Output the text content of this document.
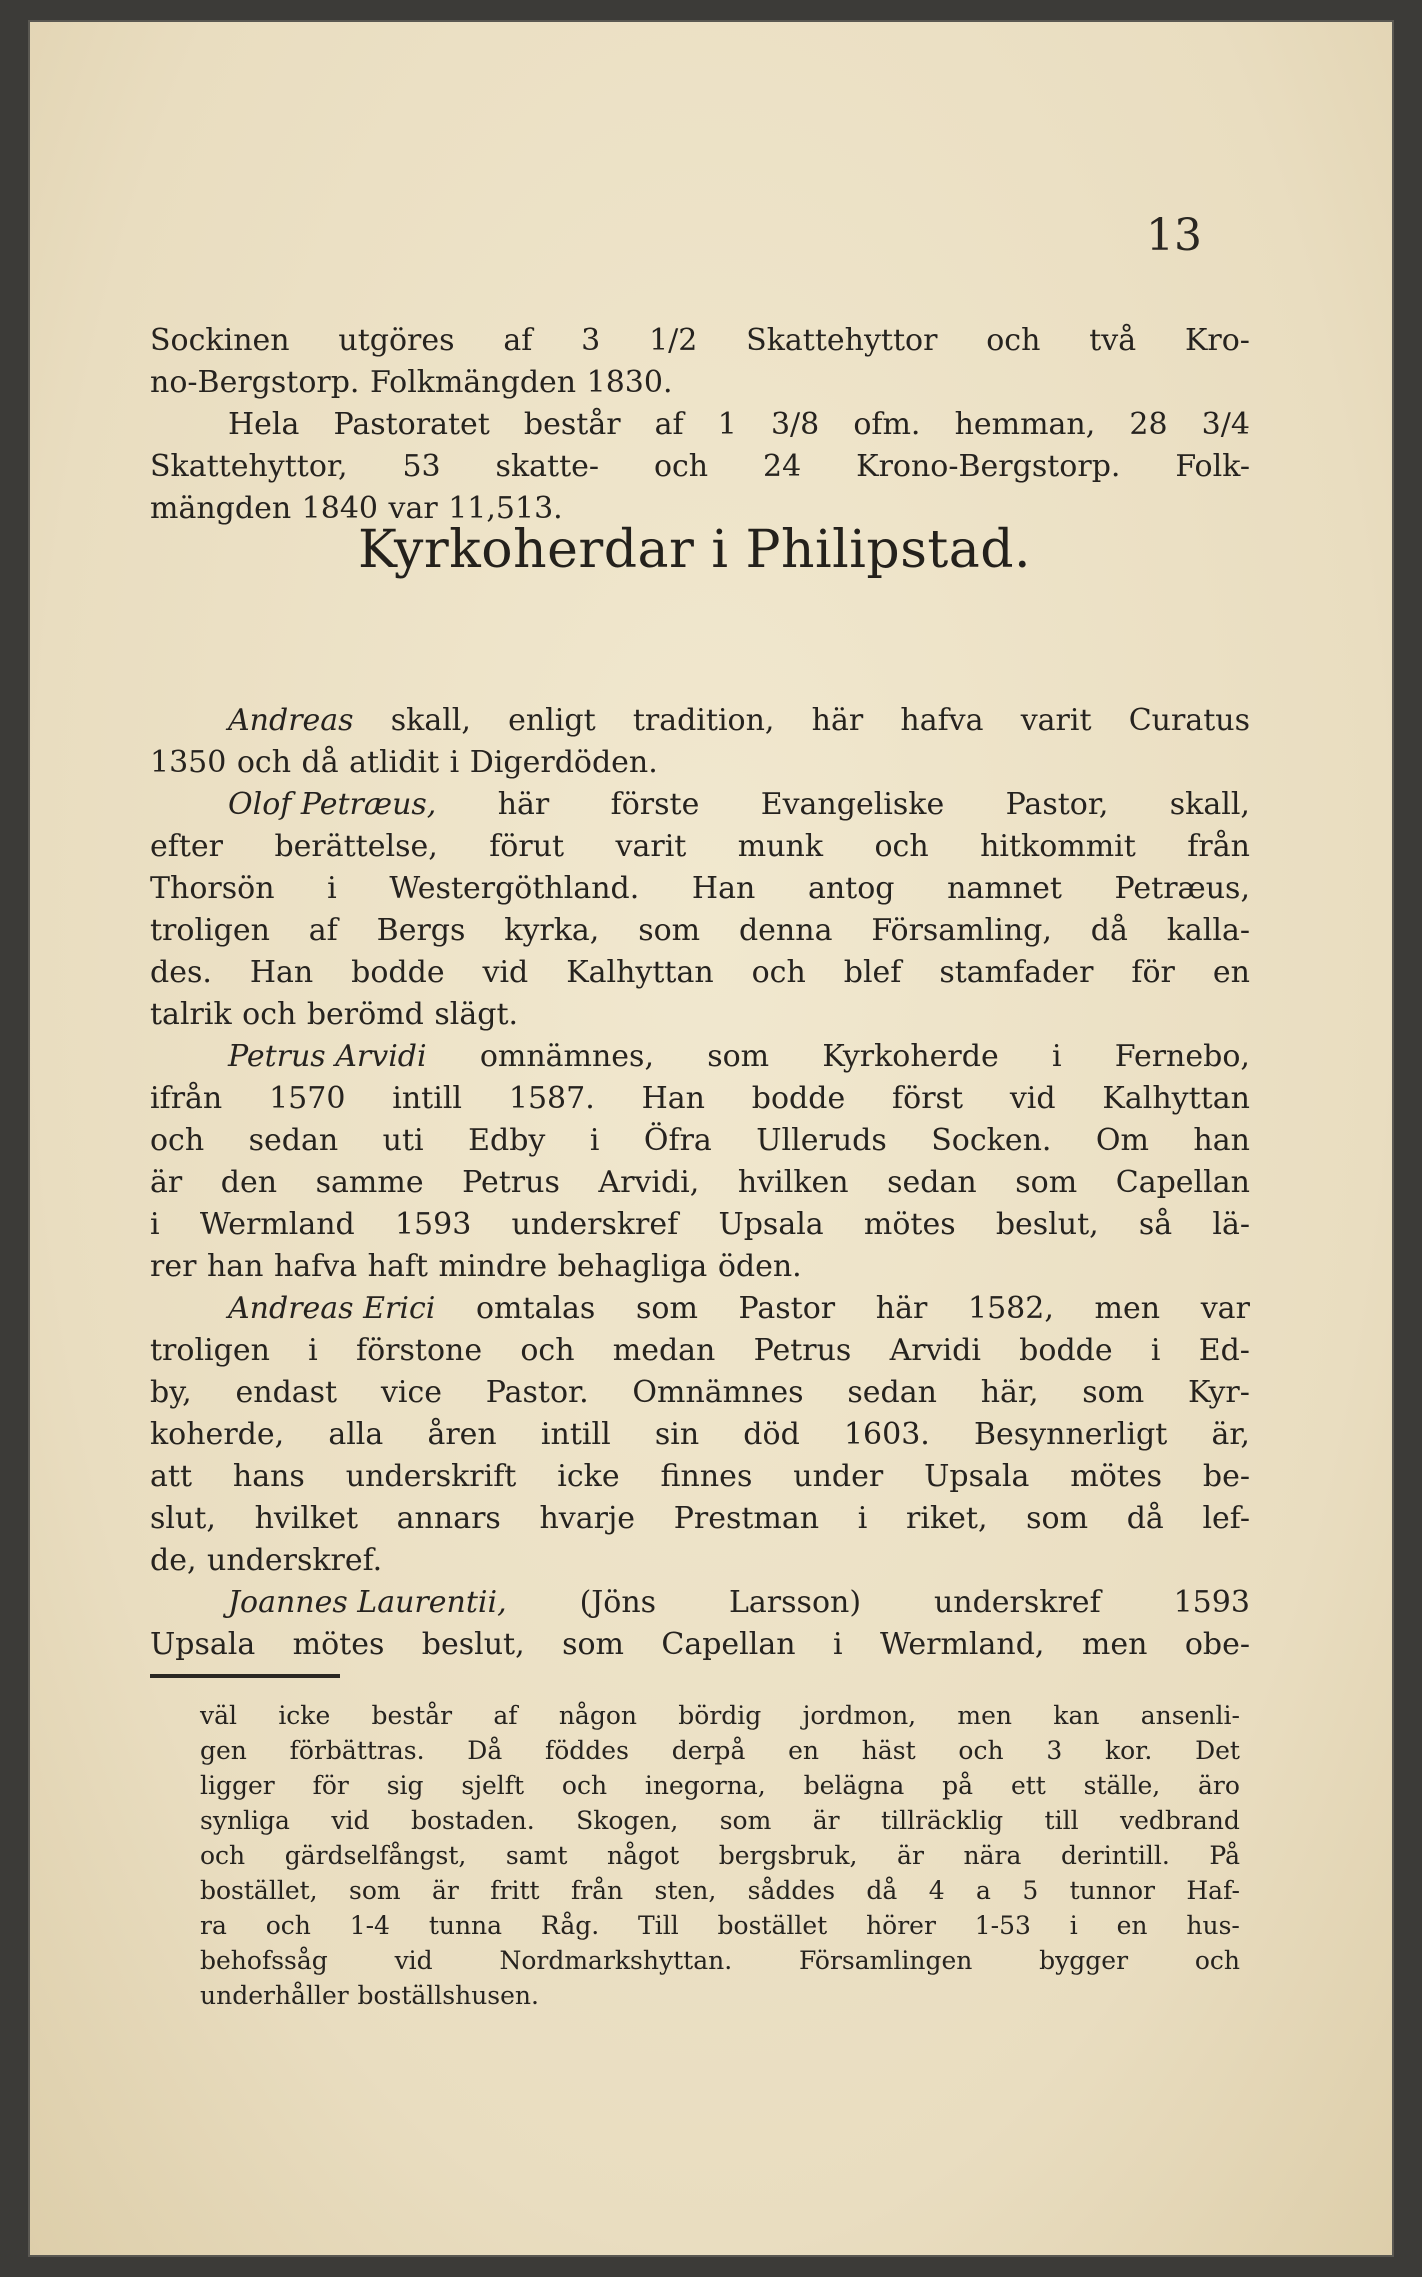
13
Sockinen utgöres af 3 1/2 Skattehyttor och två Kro-
no-Bergstorp. Folkmängden 1830.
Hela Pastoratet består af 1 3/8 ofm. hemman, 28 3/4
Skattehyttor, 53 skatte- och 24 Krono-Bergstorp. Folk-
mängden 1840 var 11,513.
Kyrkoherdar i Philipstad.
Andreas skall, enligt tradition, här hafva varit Curatus
1350 och då atlidit i Digerdöden.
Olof Petræus, här förste Evangeliske Pastor, skall,
efter berättelse, förut varit munk och hitkommit från
Thorsön i Westergöthland. Han antog namnet Petræus,
troligen af Bergs kyrka, som denna Församling, då kalla-
des. Han bodde vid Kalhyttan och blef stamfader för en
talrik och berömd slägt.
Petrus Arvidi omnämnes, som Kyrkoherde i Fernebo,
ifrån 1570 intill 1587. Han bodde först vid Kalhyttan
och sedan uti Edby i Öfra Ulleruds Socken. Om han
är den samme Petrus Arvidi, hvilken sedan som Capellan
i Wermland 1593 underskref Upsala mötes beslut, så lä-
rer han hafva haft mindre behagliga öden.
Andreas Erici omtalas som Pastor här 1582, men var
troligen i förstone och medan Petrus Arvidi bodde i Ed-
by, endast vice Pastor. Omnämnes sedan här, som Kyr-
koherde, alla åren intill sin död 1603. Besynnerligt är,
att hans underskrift icke finnes under Upsala mötes be-
slut, hvilket annars hvarje Prestman i riket, som då lef-
de, underskref.
Joannes Laurentii, (Jöns Larsson) underskref 1593
Upsala mötes beslut, som Capellan i Wermland, men obe-
väl icke består af någon bördig jordmon, men kan ansenli-
gen förbättras. Då föddes derpå en häst och 3 kor. Det
ligger för sig sjelft och inegorna, belägna på ett ställe, äro
synliga vid bostaden. Skogen, som är tillräcklig till vedbrand
och gärdselfångst, samt något bergsbruk, är nära derintill. På
bostället, som är fritt från sten, såddes då 4 a 5 tunnor Haf-
ra och 1-4 tunna Råg. Till bostället hörer 1-53 i en hus-
behofssåg	vid	Nordmarkshyttan.	Församlingen	bygger	och
underhåller boställshusen.
